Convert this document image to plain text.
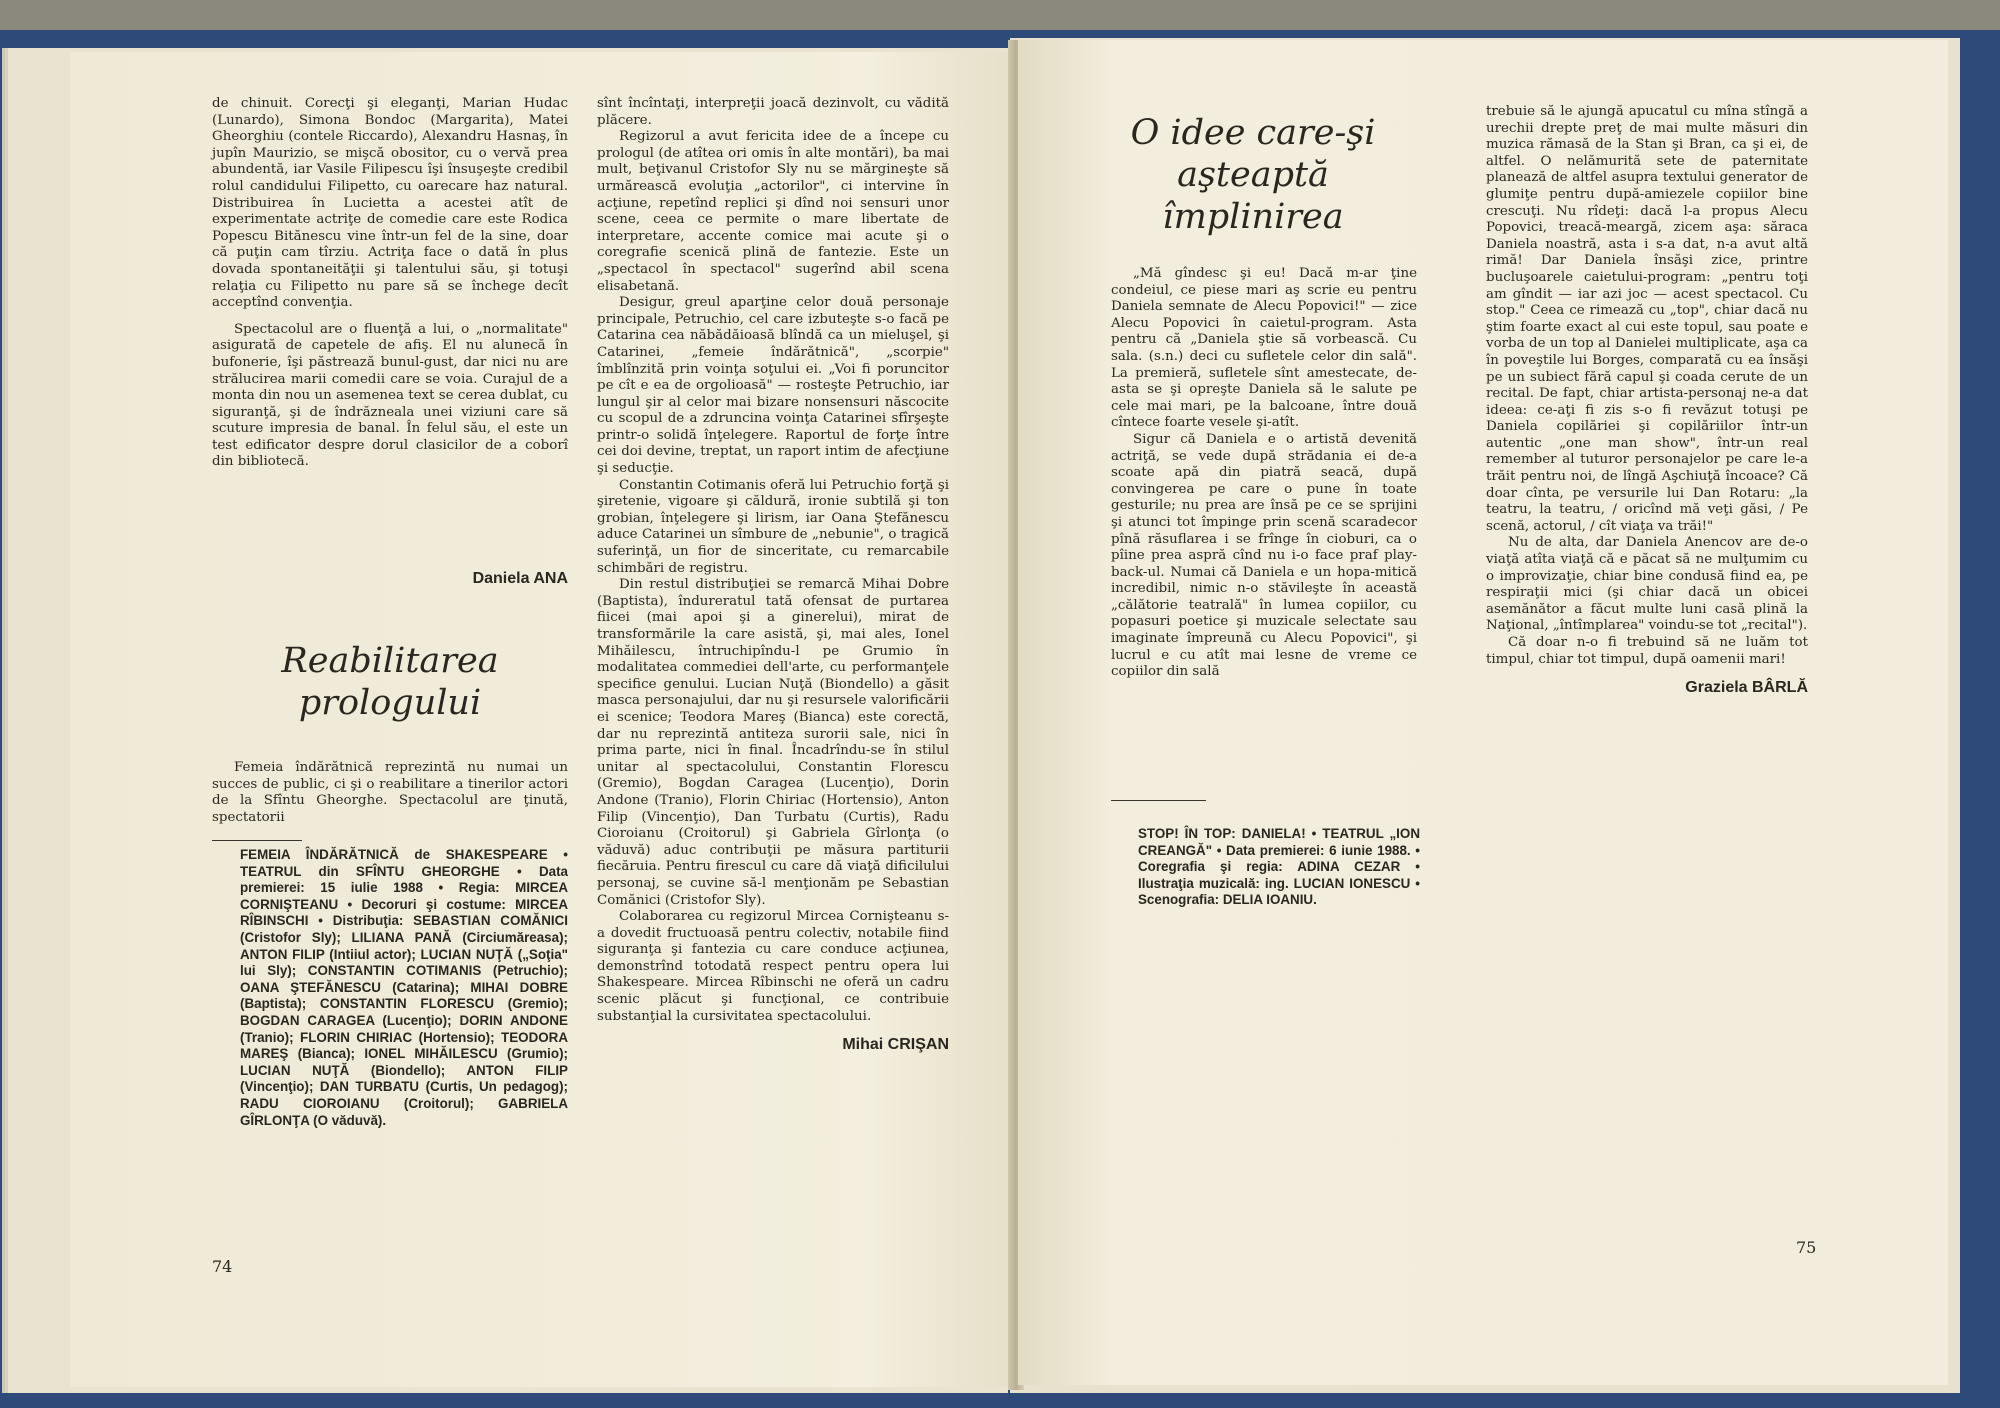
de chinuit. Corecţi şi eleganţi, Marian Hudac (Lunardo), Simona Bondoc (Margarita), Matei Gheorghiu (contele Riccardo), Alexandru Hasnaş, în jupîn Maurizio, se mişcă obositor, cu o vervă prea abundentă, iar Vasile Filipescu îşi însuşeşte credibil rolul candidului Filipetto, cu oarecare haz natural. Distribuirea în Lucietta a acestei atît de experimentate actriţe de comedie care este Rodica Popescu Bitănescu vine într-un fel de la sine, doar că puţin cam tîrziu. Actriţa face o dată în plus dovada spontaneităţii şi talentului său, şi totuşi relaţia cu Filipetto nu pare să se închege decît acceptînd convenţia.

Spectacolul are o fluenţă a lui, o „normalitate" asigurată de capetele de afiş. El nu alunecă în bufonerie, îşi păstrează bunul-gust, dar nici nu are strălucirea marii comedii care se voia. Curajul de a monta din nou un asemenea text se cerea dublat, cu siguranţă, şi de îndrăzneala unei viziuni care să scuture impresia de banal. În felul său, el este un test edificator despre dorul clasicilor de a coborî din bibliotecă.

Daniela ANA
Reabilitarea
prologului

Femeia îndărătnică reprezintă nu numai un succes de public, ci şi o reabilitare a tinerilor actori de la Sfîntu Gheorghe. Spectacolul are ţinută, spectatorii

FEMEIA ÎNDĂRĂTNICĂ de SHAKESPEARE • TEATRUL din SFÎNTU GHEORGHE • Data premierei: 15 iulie 1988 • Regia: MIRCEA CORNIŞTEANU • Decoruri şi costume: MIRCEA RÎBINSCHI • Distribuţia: SEBASTIAN COMĂNICI (Cristofor Sly); LILIANA PANĂ (Circiumăreasa); ANTON FILIP (Intiiul actor); LUCIAN NUŢĂ („Soţia" lui Sly); CONSTANTIN COTIMANIS (Petruchio); OANA ŞTEFĂNESCU (Catarina); MIHAI DOBRE (Baptista); CONSTANTIN FLORESCU (Gremio); BOGDAN CARAGEA (Lucenţio); DORIN ANDONE (Tranio); FLORIN CHIRIAC (Hortensio); TEODORA MAREŞ (Bianca); IONEL MIHĂILESCU (Grumio); LUCIAN NUŢĂ (Biondello); ANTON FILIP (Vincenţio); DAN TURBATU (Curtis, Un pedagog); RADU CIOROIANU (Croitorul); GABRIELA GÎRLONŢA (O văduvă).
74

sînt încîntaţi, interpreţii joacă dezinvolt, cu vădită plăcere.

Regizorul a avut fericita idee de a începe cu prologul (de atîtea ori omis în alte montări), ba mai mult, beţivanul Cristofor Sly nu se mărgineşte să urmărească evoluţia „actorilor", ci intervine în acţiune, repetînd replici şi dînd noi sensuri unor scene, ceea ce permite o mare libertate de interpretare, accente comice mai acute şi o coregrafie scenică plină de fantezie. Este un „spectacol în spectacol" sugerînd abil scena elisabetană.

Desigur, greul aparţine celor două personaje principale, Petruchio, cel care izbuteşte s-o facă pe Catarina cea năbădăioasă blîndă ca un mieluşel, şi Catarinei, „femeie îndărătnică", „scorpie" îmblînzită prin voinţa soţului ei. „Voi fi poruncitor pe cît e ea de orgolioasă" — rosteşte Petruchio, iar lungul şir al celor mai bizare nonsensuri născocite cu scopul de a zdruncina voinţa Catarinei sfîrşeşte printr-o solidă înţelegere. Raportul de forţe între cei doi devine, treptat, un raport intim de afecţiune şi seducţie.

Constantin Cotimanis oferă lui Petruchio forţă şi şiretenie, vigoare şi căldură, ironie subtilă şi ton grobian, înţelegere şi lirism, iar Oana Ştefănescu aduce Catarinei un sîmbure de „nebunie", o tragică suferinţă, un fior de sinceritate, cu remarcabile schimbări de registru.

Din restul distribuţiei se remarcă Mihai Dobre (Baptista), îndureratul tată ofensat de purtarea fiicei (mai apoi şi a ginerelui), mirat de transformările la care asistă, şi, mai ales, Ionel Mihăilescu, întruchipîndu-l pe Grumio în modalitatea commediei dell'arte, cu performanţele specifice genului. Lucian Nuţă (Biondello) a găsit masca personajului, dar nu şi resursele valorificării ei scenice; Teodora Mareş (Bianca) este corectă, dar nu reprezintă antiteza surorii sale, nici în prima parte, nici în final. Încadrîndu-se în stilul unitar al spectacolului, Constantin Florescu (Gremio), Bogdan Caragea (Lucenţio), Dorin Andone (Tranio), Florin Chiriac (Hortensio), Anton Filip (Vincenţio), Dan Turbatu (Curtis), Radu Cioroianu (Croitorul) şi Gabriela Gîrlonţa (o văduvă) aduc contribuţii pe măsura partiturii fiecăruia. Pentru firescul cu care dă viaţă dificilului personaj, se cuvine să-l menţionăm pe Sebastian Comănici (Cristofor Sly).

Colaborarea cu regizorul Mircea Cornişteanu s-a dovedit fructuoasă pentru colectiv, notabile fiind siguranţa şi fantezia cu care conduce acţiunea, demonstrînd totodată respect pentru opera lui Shakespeare. Mircea Rîbinschi ne oferă un cadru scenic plăcut şi funcţional, ce contribuie substanţial la cursivitatea spectacolului.

Mihai CRIŞAN
O idee care-şi
aşteaptă împlinirea

„Mă gîndesc şi eu! Dacă m-ar ţine condeiul, ce piese mari aş scrie eu pentru Daniela semnate de Alecu Popovici!" — zice Alecu Popovici în caietul-program. Asta pentru că „Daniela ştie să vorbească. Cu sala. (s.n.) deci cu sufletele celor din sală". La premieră, sufletele sînt amestecate, de-asta se şi opreşte Daniela să le salute pe cele mai mari, pe la balcoane, între două cîntece foarte vesele şi-atît.

Sigur că Daniela e o artistă devenită actriţă, se vede după strădania ei de-a scoate apă din piatră seacă, după convingerea pe care o pune în toate gesturile; nu prea are însă pe ce se sprijini şi atunci tot împinge prin scenă scaradecor pînă răsuflarea i se frînge în cioburi, ca o pîine prea aspră cînd nu i-o face praf play-back-ul. Numai că Daniela e un hopa-mitică incredibil, nimic n-o stăvileşte în această „călătorie teatrală" în lumea copiilor, cu popasuri poetice şi muzicale selectate sau imaginate împreună cu Alecu Popovici", şi lucrul e cu atît mai lesne de vreme ce copiilor din sală

STOP! ÎN TOP: DANIELA! • TEATRUL „ION CREANGĂ" • Data premierei: 6 iunie 1988. • Coregrafia şi regia: ADINA CEZAR • Ilustraţia muzicală: ing. LUCIAN IONESCU • Scenografia: DELIA IOANIU.

trebuie să le ajungă apucatul cu mîna stîngă a urechii drepte preţ de mai multe măsuri din muzica rămasă de la Stan şi Bran, ca şi ei, de altfel. O nelămurită sete de paternitate planează de altfel asupra textului generator de glumiţe pentru după-amiezele copiilor bine crescuţi. Nu rîdeţi: dacă l-a propus Alecu Popovici, treacă-meargă, zicem aşa: săraca Daniela noastră, asta i s-a dat, n-a avut altă rimă! Dar Daniela însăşi zice, printre bucluşoarele caietului-program: „pentru toţi am gîndit — iar azi joc — acest spectacol. Cu stop." Ceea ce rimează cu „top", chiar dacă nu ştim foarte exact al cui este topul, sau poate e vorba de un top al Danielei multiplicate, aşa ca în poveştile lui Borges, comparată cu ea însăşi pe un subiect fără capul şi coada cerute de un recital. De fapt, chiar artista-personaj ne-a dat ideea: ce-aţi fi zis s-o fi revăzut totuşi pe Daniela copilăriei şi copilăriilor într-un autentic „one man show", într-un real remember al tuturor personajelor pe care le-a trăit pentru noi, de lîngă Aşchiuţă încoace? Că doar cînta, pe versurile lui Dan Rotaru: „la teatru, la teatru, / oricînd mă veţi găsi, / Pe scenă, actorul, / cît viaţa va trăi!"

Nu de alta, dar Daniela Anencov are de-o viaţă atîta viaţă că e păcat să ne mulţumim cu o improvizaţie, chiar bine condusă fiind ea, pe respiraţii mici (şi chiar dacă un obicei asemănător a făcut multe luni casă plină la Naţional, „întîmplarea" voindu-se tot „recital").

Că doar n-o fi trebuind să ne luăm tot timpul, chiar tot timpul, după oamenii mari!

Graziela BÂRLĂ
75
